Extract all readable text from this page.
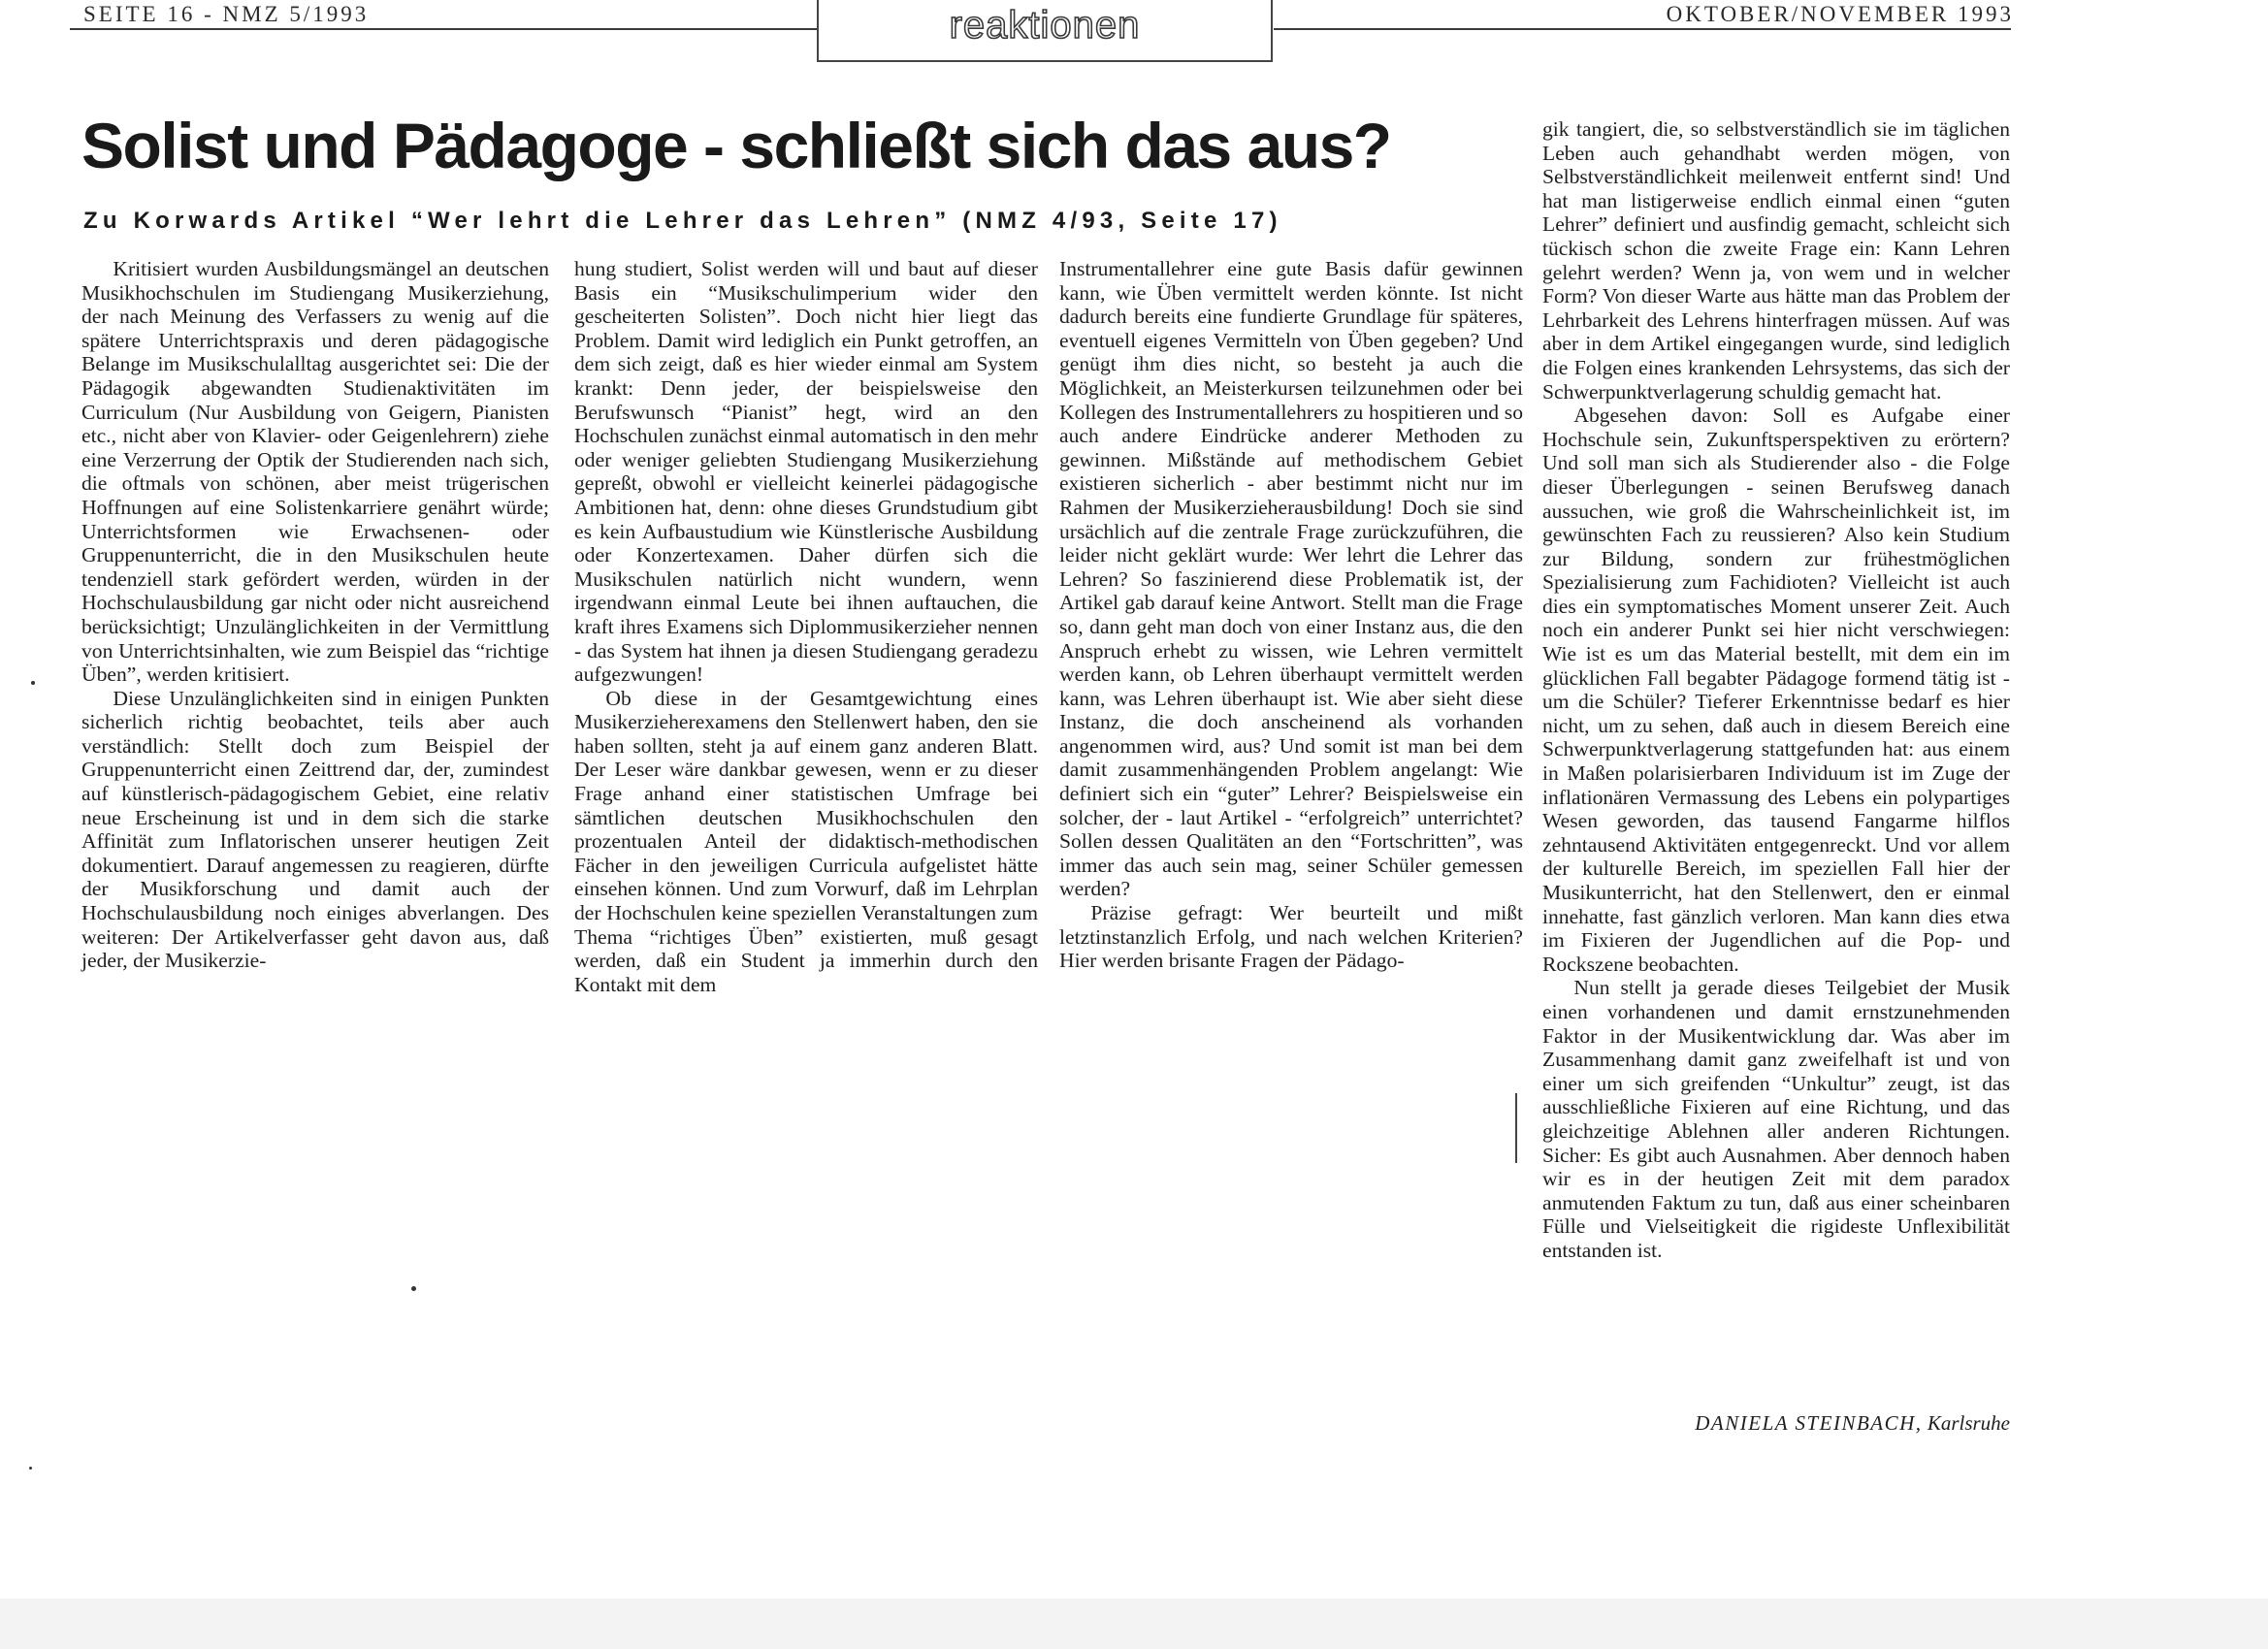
SEITE 16 - NMZ 5/1993	OKTOBER/NOVEMBER 1993
reaktionen
Solist und Pädagoge - schließt sich das aus?
Zu Korwards Artikel “Wer lehrt die Lehrer das Lehren” (NMZ 4/93, Seite 17)

Kritisiert wurden Ausbildungsmängel an deutschen Musikhochschulen im Studiengang Musikerziehung, der nach Meinung des Verfassers zu wenig auf die spätere Unterrichtspraxis und deren pädagogische Belange im Musikschulalltag ausgerichtet sei: Die der Pädagogik abgewandten Studienaktivitäten im Curriculum (Nur Ausbildung von Geigern, Pianisten etc., nicht aber von Klavier- oder Geigenlehrern) ziehe eine Verzerrung der Optik der Studierenden nach sich, die oftmals von schönen, aber meist trügerischen Hoffnungen auf eine Solistenkarriere genährt würde; Unterrichtsformen wie Erwachsenen- oder Gruppenunterricht, die in den Musikschulen heute tendenziell stark gefördert werden, würden in der Hochschulausbildung gar nicht oder nicht ausreichend berücksichtigt; Unzulänglichkeiten in der Vermittlung von Unterrichtsinhalten, wie zum Beispiel das “richtige Üben”, werden kritisiert.

Diese Unzulänglichkeiten sind in einigen Punkten sicherlich richtig beobachtet, teils aber auch verständlich: Stellt doch zum Beispiel der Gruppenunterricht einen Zeittrend dar, der, zumindest auf künstlerisch-pädagogischem Gebiet, eine relativ neue Erscheinung ist und in dem sich die starke Affinität zum Inflatorischen unserer heutigen Zeit dokumentiert. Darauf angemessen zu reagieren, dürfte der Musikforschung und damit auch der Hochschulausbildung noch einiges abverlangen. Des weiteren: Der Artikelverfasser geht davon aus, daß jeder, der Musikerzie-

hung studiert, Solist werden will und baut auf dieser Basis ein “Musikschulimperium wider den gescheiterten Solisten”. Doch nicht hier liegt das Problem. Damit wird lediglich ein Punkt getroffen, an dem sich zeigt, daß es hier wieder einmal am System krankt: Denn jeder, der beispielsweise den Berufswunsch “Pianist” hegt, wird an den Hochschulen zunächst einmal automatisch in den mehr oder weniger geliebten Studiengang Musikerziehung gepreßt, obwohl er vielleicht keinerlei pädagogische Ambitionen hat, denn: ohne dieses Grundstudium gibt es kein Aufbaustudium wie Künstlerische Ausbildung oder Konzertexamen. Daher dürfen sich die Musikschulen natürlich nicht wundern, wenn irgendwann einmal Leute bei ihnen auftauchen, die kraft ihres Examens sich Diplommusikerzieher nennen - das System hat ihnen ja diesen Studiengang geradezu aufgezwungen!

Ob diese in der Gesamtgewichtung eines Musikerzieherexamens den Stellenwert haben, den sie haben sollten, steht ja auf einem ganz anderen Blatt. Der Leser wäre dankbar gewesen, wenn er zu dieser Frage anhand einer statistischen Umfrage bei sämtlichen deutschen Musikhochschulen den prozentualen Anteil der didaktisch-methodischen Fächer in den jeweiligen Curricula aufgelistet hätte einsehen können. Und zum Vorwurf, daß im Lehrplan der Hochschulen keine speziellen Veranstaltungen zum Thema “richtiges Üben” existierten, muß gesagt werden, daß ein Student ja immerhin durch den Kontakt mit dem

Instrumentallehrer eine gute Basis dafür gewinnen kann, wie Üben vermittelt werden könnte. Ist nicht dadurch bereits eine fundierte Grundlage für späteres, eventuell eigenes Vermitteln von Üben gegeben? Und genügt ihm dies nicht, so besteht ja auch die Möglichkeit, an Meisterkursen teilzunehmen oder bei Kollegen des Instrumentallehrers zu hospitieren und so auch andere Eindrücke anderer Methoden zu gewinnen. Mißstände auf methodischem Gebiet existieren sicherlich - aber bestimmt nicht nur im Rahmen der Musikerzieherausbildung! Doch sie sind ursächlich auf die zentrale Frage zurückzuführen, die leider nicht geklärt wurde: Wer lehrt die Lehrer das Lehren? So faszinierend diese Problematik ist, der Artikel gab darauf keine Antwort. Stellt man die Frage so, dann geht man doch von einer Instanz aus, die den Anspruch erhebt zu wissen, wie Lehren vermittelt werden kann, ob Lehren überhaupt vermittelt werden kann, was Lehren überhaupt ist. Wie aber sieht diese Instanz, die doch anscheinend als vorhanden angenommen wird, aus? Und somit ist man bei dem damit zusammenhängenden Problem angelangt: Wie definiert sich ein “guter” Lehrer? Beispielsweise ein solcher, der - laut Artikel - “erfolgreich” unterrichtet? Sollen dessen Qualitäten an den “Fortschritten”, was immer das auch sein mag, seiner Schüler gemessen werden?

Präzise gefragt: Wer beurteilt und mißt letztinstanzlich Erfolg, und nach welchen Kriterien? Hier werden brisante Fragen der Pädago-

gik tangiert, die, so selbstverständlich sie im täglichen Leben auch gehandhabt werden mögen, von Selbstverständlichkeit meilenweit entfernt sind! Und hat man listigerweise endlich einmal einen “guten Lehrer” definiert und ausfindig gemacht, schleicht sich tückisch schon die zweite Frage ein: Kann Lehren gelehrt werden? Wenn ja, von wem und in welcher Form? Von dieser Warte aus hätte man das Problem der Lehrbarkeit des Lehrens hinterfragen müssen. Auf was aber in dem Artikel eingegangen wurde, sind lediglich die Folgen eines krankenden Lehrsystems, das sich der Schwerpunktverlagerung schuldig gemacht hat.

Abgesehen davon: Soll es Aufgabe einer Hochschule sein, Zukunftsperspektiven zu erörtern? Und soll man sich als Studierender also - die Folge dieser Überlegungen - seinen Berufsweg danach aussuchen, wie groß die Wahrscheinlichkeit ist, im gewünschten Fach zu reussieren? Also kein Studium zur Bildung, sondern zur frühestmöglichen Spezialisierung zum Fachidioten? Vielleicht ist auch dies ein symptomatisches Moment unserer Zeit. Auch noch ein anderer Punkt sei hier nicht verschwiegen: Wie ist es um das Material bestellt, mit dem ein im glücklichen Fall begabter Pädagoge formend tätig ist - um die Schüler? Tieferer Erkenntnisse bedarf es hier nicht, um zu sehen, daß auch in diesem Bereich eine Schwerpunktverlagerung stattgefunden hat: aus einem in Maßen polarisierbaren Individuum ist im Zuge der inflationären Vermassung des Lebens ein polypartiges Wesen geworden, das tausend Fangarme hilflos zehntausend Aktivitäten entgegenreckt. Und vor allem der kulturelle Bereich, im speziellen Fall hier der Musikunterricht, hat den Stellenwert, den er einmal innehatte, fast gänzlich verloren. Man kann dies etwa im Fixieren der Jugendlichen auf die Pop- und Rockszene beobachten.

Nun stellt ja gerade dieses Teilgebiet der Musik einen vorhandenen und damit ernstzunehmenden Faktor in der Musikentwicklung dar. Was aber im Zusammenhang damit ganz zweifelhaft ist und von einer um sich greifenden “Unkultur” zeugt, ist das ausschließliche Fixieren auf eine Richtung, und das gleichzeitige Ablehnen aller anderen Richtungen. Sicher: Es gibt auch Ausnahmen. Aber dennoch haben wir es in der heutigen Zeit mit dem paradox anmutenden Faktum zu tun, daß aus einer scheinbaren Fülle und Vielseitigkeit die rigideste Unflexibilität entstanden ist.

DANIELA STEINBACH, Karlsruhe
